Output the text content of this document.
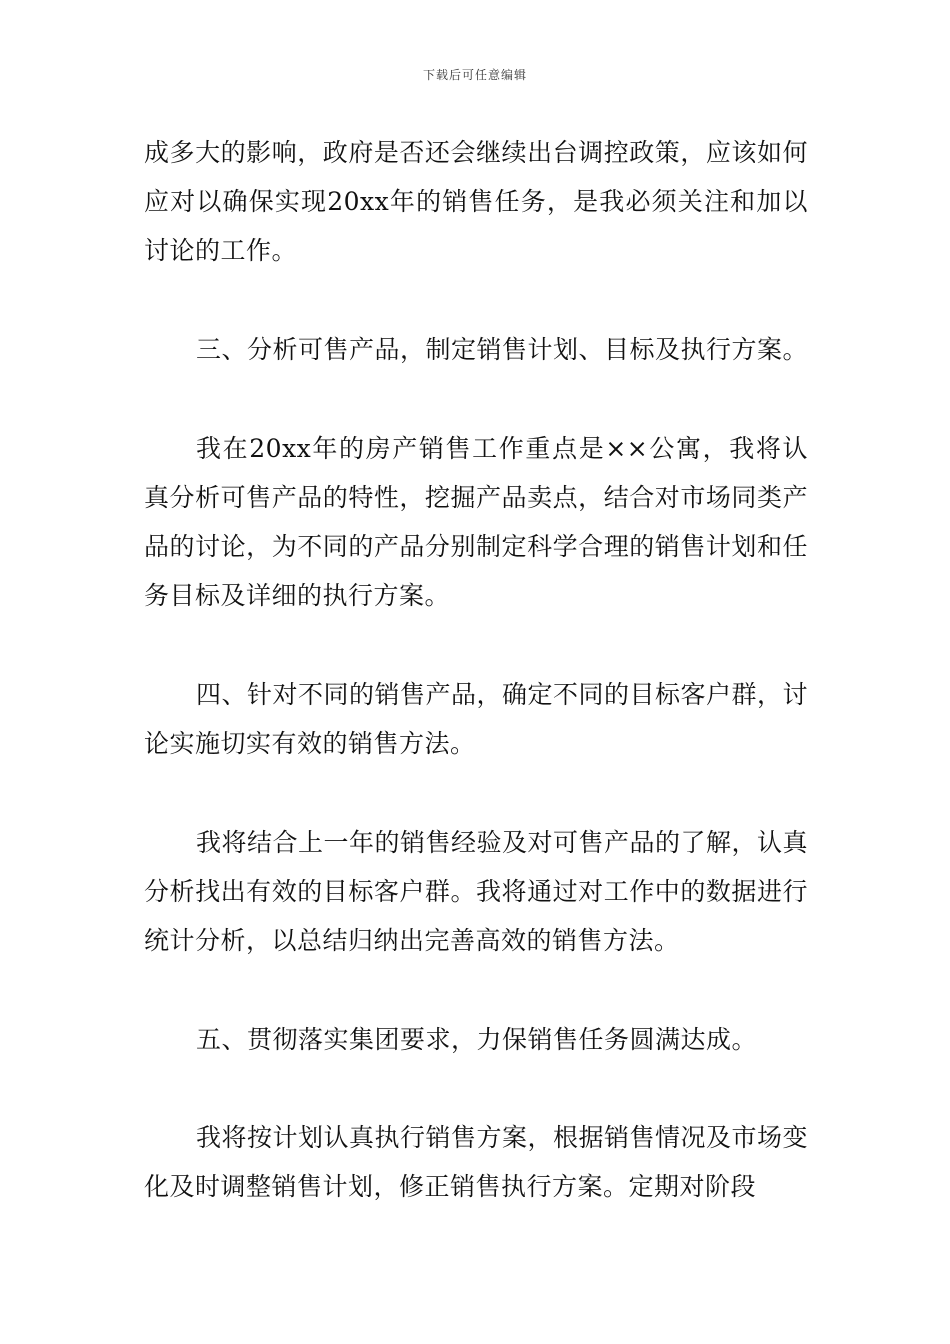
下载后可任意编辑

成多大的影响，政府是否还会继续出台调控政策，应该如何应对以确保实现20xx年的销售任务，是我必须关注和加以讨论的工作。

三、分析可售产品，制定销售计划、目标及执行方案。

我在20xx年的房产销售工作重点是××公寓，我将认真分析可售产品的特性，挖掘产品卖点，结合对市场同类产品的讨论，为不同的产品分别制定科学合理的销售计划和任务目标及详细的执行方案。

四、针对不同的销售产品，确定不同的目标客户群，讨论实施切实有效的销售方法。

我将结合上一年的销售经验及对可售产品的了解，认真分析找出有效的目标客户群。我将通过对工作中的数据进行统计分析，以总结归纳出完善高效的销售方法。

五、贯彻落实集团要求，力保销售任务圆满达成。

我将按计划认真执行销售方案，根据销售情况及市场变化及时调整销售计划，修正销售执行方案。定期对阶段
